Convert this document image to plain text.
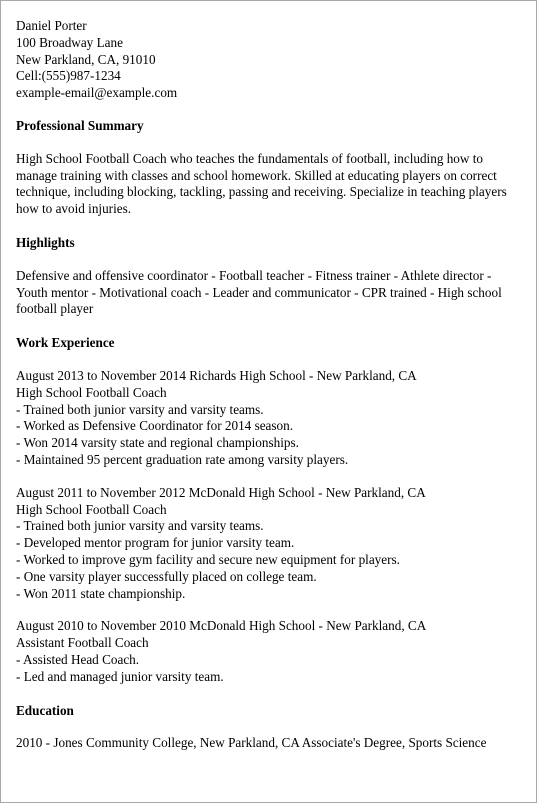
Daniel Porter
100 Broadway Lane
New Parkland, CA, 91010
Cell:(555)987-1234
example-email@example.com
Professional Summary

High School Football Coach who teaches the fundamentals of football, including how to manage training with classes and school homework. Skilled at educating players on correct technique, including blocking, tackling, passing and receiving. Specialize in teaching players how to avoid injuries.

Highlights

Defensive and offensive coordinator - Football teacher - Fitness trainer - Athlete director - Youth mentor - Motivational coach - Leader and communicator - CPR trained - High school football player

Work Experience
August 2013 to November 2014 Richards High School - New Parkland, CA
High School Football Coach
- Trained both junior varsity and varsity teams.
- Worked as Defensive Coordinator for 2014 season.
- Won 2014 varsity state and regional championships.
- Maintained 95 percent graduation rate among varsity players.
August 2011 to November 2012 McDonald High School - New Parkland, CA
High School Football Coach
- Trained both junior varsity and varsity teams.
- Developed mentor program for junior varsity team.
- Worked to improve gym facility and secure new equipment for players.
- One varsity player successfully placed on college team.
- Won 2011 state championship.
August 2010 to November 2010 McDonald High School - New Parkland, CA
Assistant Football Coach
- Assisted Head Coach.
- Led and managed junior varsity team.
Education

2010 - Jones Community College, New Parkland, CA Associate's Degree, Sports Science
